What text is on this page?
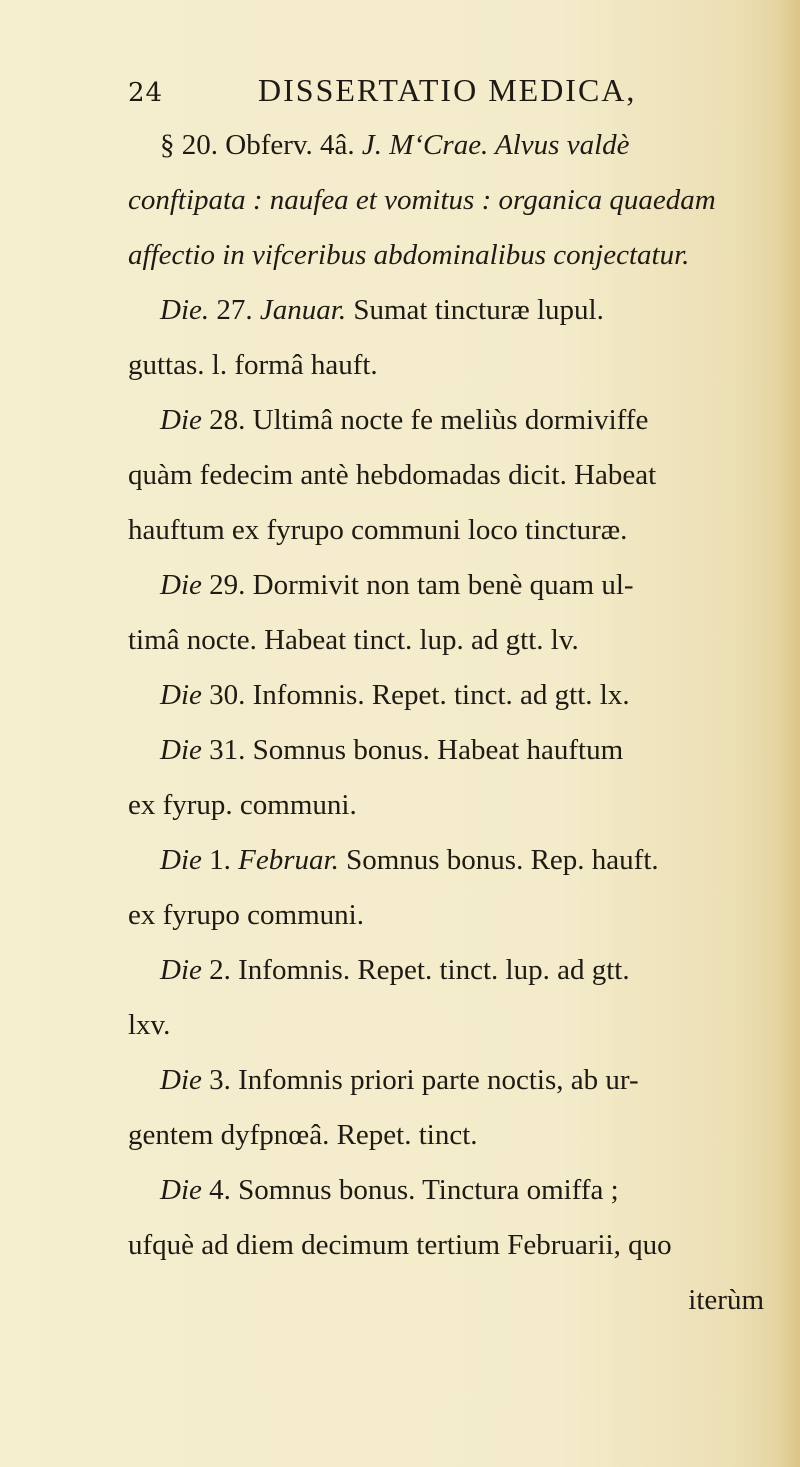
24	DISSERTATIO MEDICA,
§ 20. Obferv. 4â. J. M‘Crae. Alvus valdè
conftipata : naufea et vomitus : organica quaedam
affectio in vifceribus abdominalibus conjectatur.
Die. 27. Januar. Sumat tincturæ lupul.
guttas. l. formâ hauft.
Die 28. Ultimâ nocte fe meliùs dormiviffe
quàm fedecim antè hebdomadas dicit. Habeat
hauftum ex fyrupo communi loco tincturæ.
Die 29. Dormivit non tam benè quam ul-
timâ nocte. Habeat tinct. lup. ad gtt. lv.
Die 30. Infomnis. Repet. tinct. ad gtt. lx.
Die 31. Somnus bonus. Habeat hauftum
ex fyrup. communi.
Die 1. Februar. Somnus bonus. Rep. hauft.
ex fyrupo communi.
Die 2. Infomnis. Repet. tinct. lup. ad gtt.
lxv.
Die 3. Infomnis priori parte noctis, ab ur-
gentem dyfpnœâ. Repet. tinct.
Die 4. Somnus bonus. Tinctura omiffa ;
ufquè ad diem decimum tertium Februarii, quo
iterùm
